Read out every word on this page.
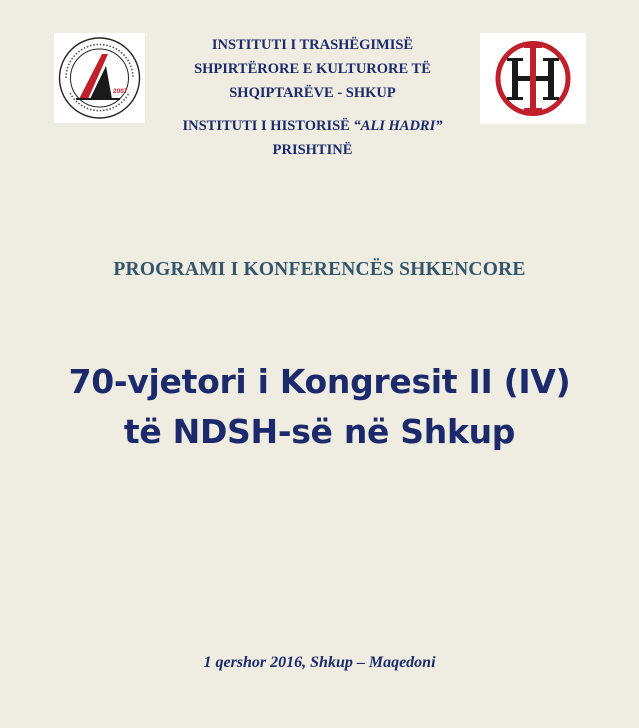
2007
INSTITUTI I TRASHËGIMISË
SHPIRTËRORE E KULTURORE TË
SHQIPTARËVE - SHKUP
INSTITUTI I HISTORISË “ALI HADRI”
PRISHTINË
PROGRAMI I KONFERENCËS SHKENCORE
70-vjetori i Kongresit II (IV)
të NDSH-së në Shkup
1 qershor 2016, Shkup – Maqedoni
